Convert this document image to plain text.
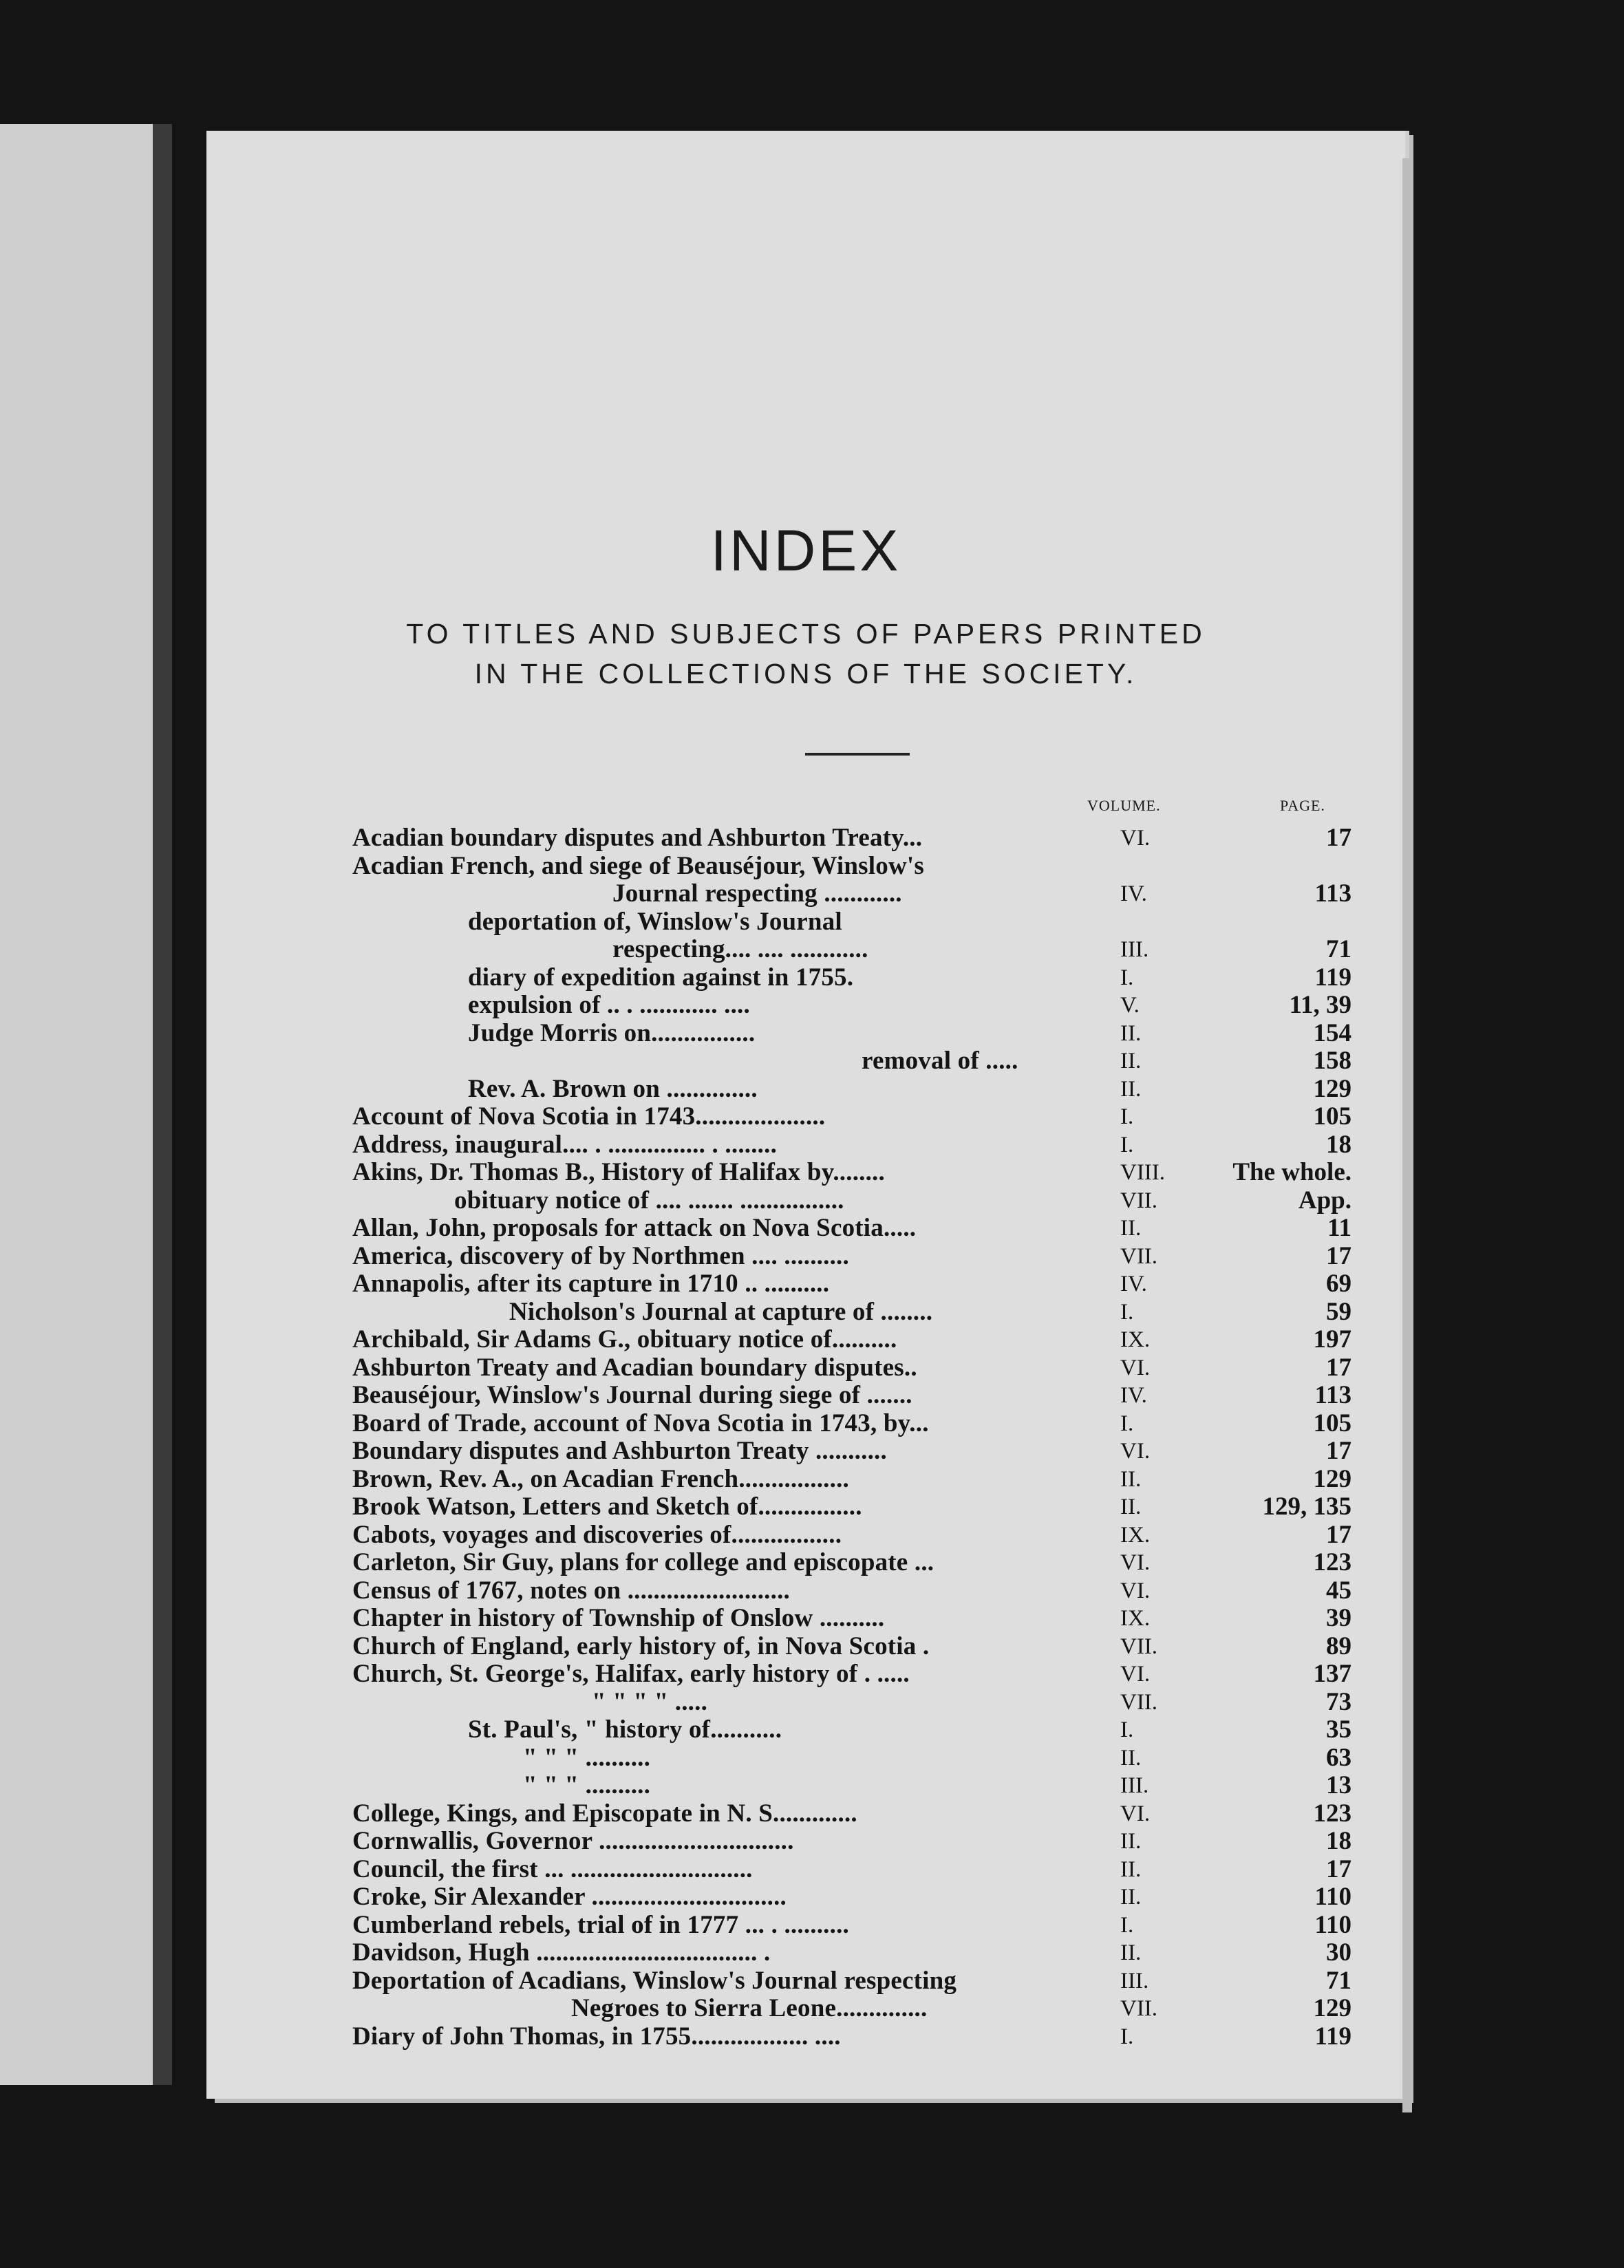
INDEX
TO TITLES AND SUBJECTS OF PAPERS PRINTED
IN THE COLLECTIONS OF THE SOCIETY.
VOLUME.	PAGE.
Acadian boundary disputes and Ashburton Treaty...	VI.	17
Acadian French, and siege of Beauséjour, Winslow's
Journal respecting ............	IV.	113
deportation of, Winslow's Journal
respecting.... .... ............	III.	71
diary of expedition against in 1755.	I.	119
expulsion of .. . ............ ....	V.	11, 39
Judge Morris on................	II.	154
removal of .....	II.	158
Rev. A. Brown on ..............	II.	129
Account of Nova Scotia in 1743....................	I.	105
Address, inaugural.... . ............... . ........	I.	18
Akins, Dr. Thomas B., History of Halifax by........	VIII.	The whole.
obituary notice of .... ....... ................	VII.	App.
Allan, John, proposals for attack on Nova Scotia.....	II.	11
America, discovery of by Northmen .... ..........	VII.	17
Annapolis, after its capture in 1710 .. ..........	IV.	69
Nicholson's Journal at capture of ........	I.	59
Archibald, Sir Adams G., obituary notice of..........	IX.	197
Ashburton Treaty and Acadian boundary disputes..	VI.	17
Beauséjour, Winslow's Journal during siege of .......	IV.	113
Board of Trade, account of Nova Scotia in 1743, by...	I.	105
Boundary disputes and Ashburton Treaty ...........	VI.	17
Brown, Rev. A., on Acadian French.................	II.	129
Brook Watson, Letters and Sketch of................	II.	129, 135
Cabots, voyages and discoveries of.................	IX.	17
Carleton, Sir Guy, plans for college and episcopate ...	VI.	123
Census of 1767, notes on .........................	VI.	45
Chapter in history of Township of Onslow ..........	IX.	39
Church of England, early history of, in Nova Scotia .	VII.	89
Church, St. George's, Halifax, early history of . .....	VI.	137
" " " " .....	VII.	73
St. Paul's, " history of...........	I.	35
" " " ..........	II.	63
" " " ..........	III.	13
College, Kings, and Episcopate in N. S.............	VI.	123
Cornwallis, Governor ..............................	II.	18
Council, the first ... ............................	II.	17
Croke, Sir Alexander ..............................	II.	110
Cumberland rebels, trial of in 1777 ... . ..........	I.	110
Davidson, Hugh .................................. .	II.	30
Deportation of Acadians, Winslow's Journal respecting	III.	71
Negroes to Sierra Leone..............	VII.	129
Diary of John Thomas, in 1755.................. ....	I.	119
